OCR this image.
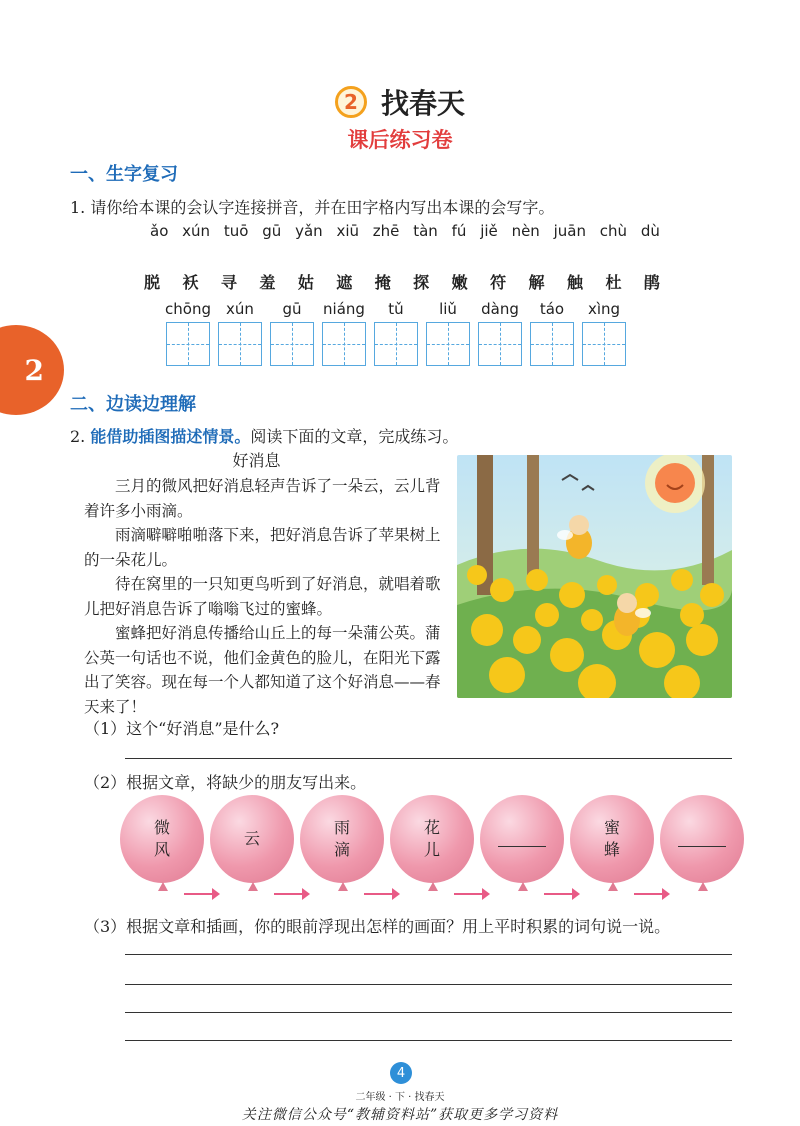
2
2 找春天
课后练习卷
一、生字复习
1. 请你给本课的会认字连接拼音，并在田字格内写出本课的会写字。
ǎo xún tuō gū yǎn xiū zhē tàn fú jiě nèn juān chù dù
脱 袄 寻 羞 姑 遮 掩 探 嫩 符 解 触 杜 鹃
chōng	xún	gū	niáng	tǔ	liǔ	dàng	táo	xìng
二、边读边理解
2. 能借助插图描述情景。阅读下面的文章，完成练习。
好消息

三月的微风把好消息轻声告诉了一朵云，云儿背着许多小雨滴。

雨滴噼噼啪啪落下来，把好消息告诉了苹果树上的一朵花儿。

待在窝里的一只知更鸟听到了好消息，就唱着歌儿把好消息告诉了嗡嗡飞过的蜜蜂。

蜜蜂把好消息传播给山丘上的每一朵蒲公英。蒲公英一句话也不说，他们金黄色的脸儿，在阳光下露出了笑容。现在每一个人都知道了这个好消息——春天来了！

（1）这个“好消息”是什么?
（2）根据文章，将缺少的朋友写出来。
微
风
云
雨
滴
花
儿
蜜
蜂
（3）根据文章和插画，你的眼前浮现出怎样的画面？用上平时积累的词句说一说。
4
二年级 · 下 · 找春天
关注微信公众号“教辅资料站”获取更多学习资料
